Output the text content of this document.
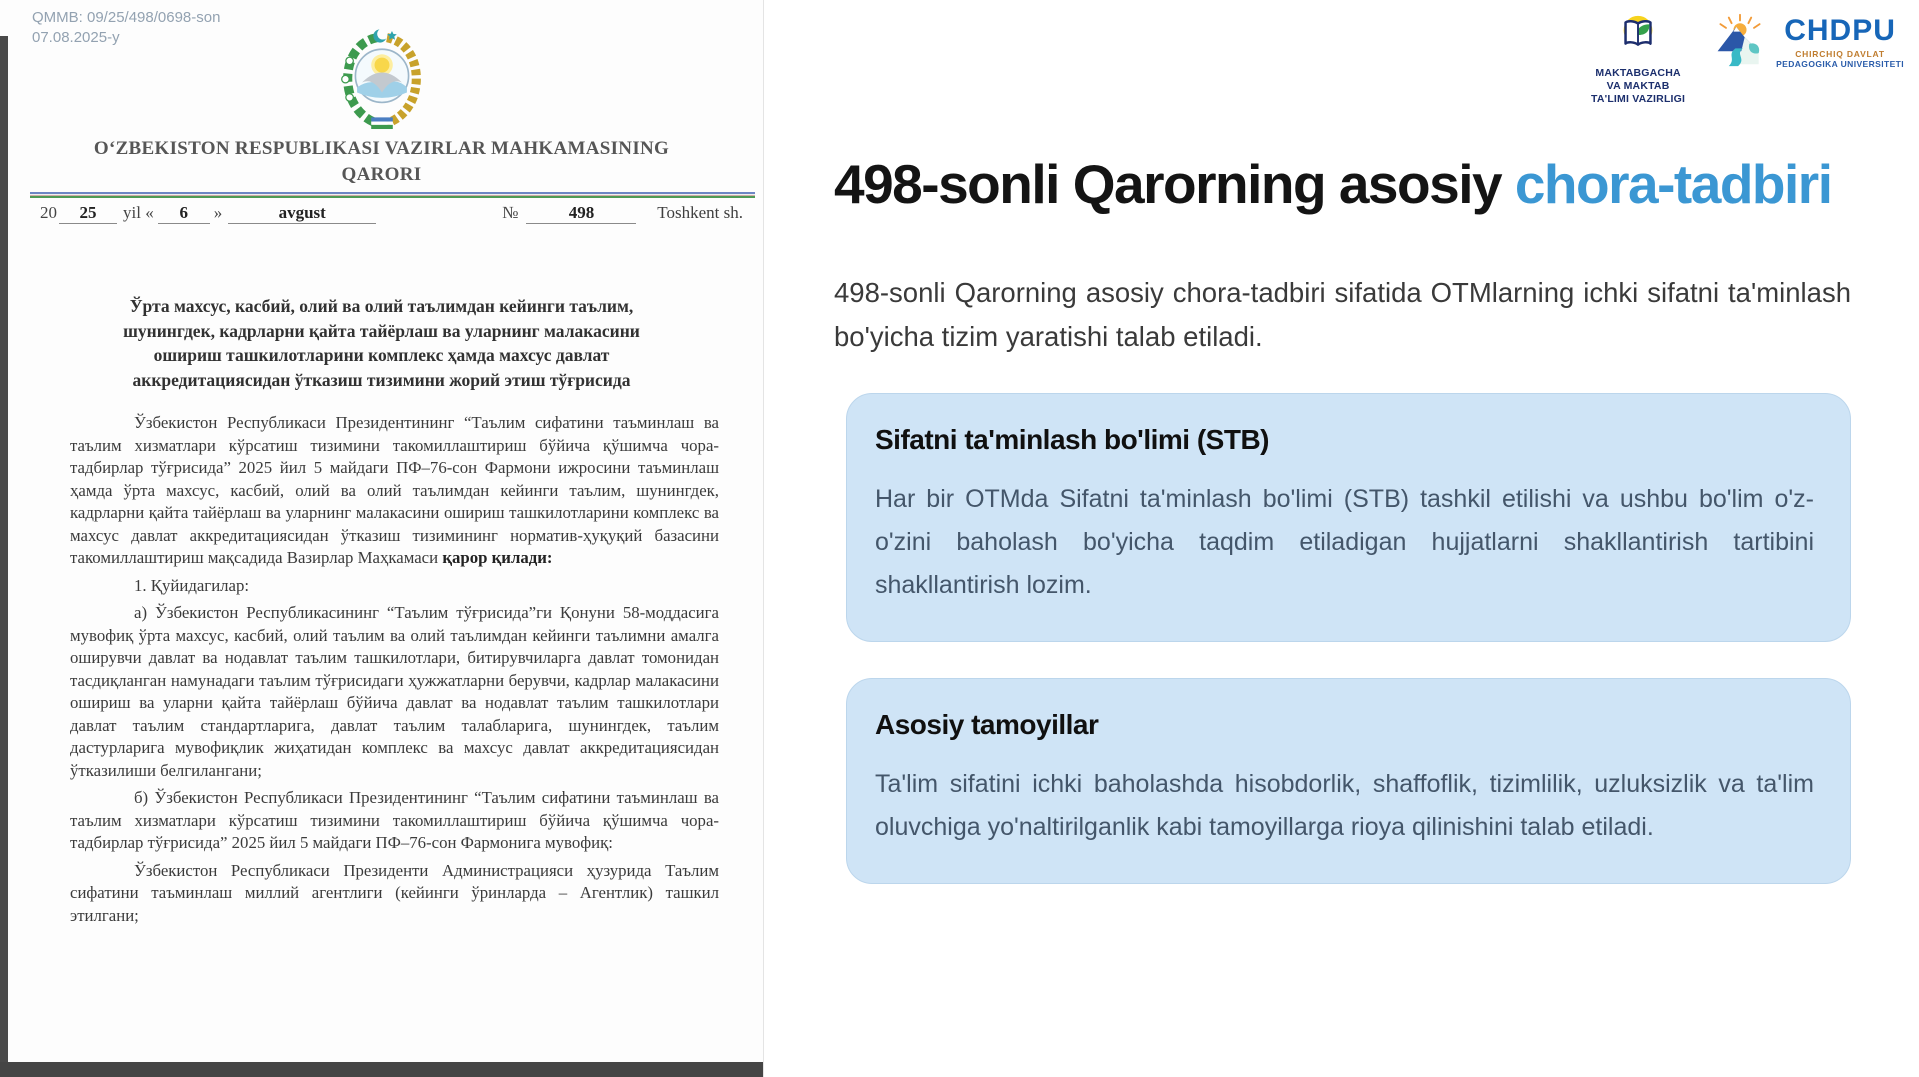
QMMB: 09/25/498/0698-son
07.08.2025-y
O‘ZBEKISTON RESPUBLIKASI VAZIRLAR MAHKAMASINING
QARORI
20	25	yil «	6	»	avgust	№	498	Toshkent sh.

Ўрта махсус, касбий, олий ва олий таълимдан кейинги таълим, шунингдек, кадрларни қайта тайёрлаш ва уларнинг малакасини ошириш ташкилотларини комплекс ҳамда махсус давлат аккредитациясидан ўтказиш тизимини жорий этиш тўғрисида

Ўзбекистон Республикаси Президентининг “Таълим сифатини таъминлаш ва таълим хизматлари кўрсатиш тизимини такомиллаштириш бўйича қўшимча чора-тадбирлар тўғрисида” 2025 йил 5 майдаги ПФ–76-сон Фармони ижросини таъминлаш ҳамда ўрта махсус, касбий, олий ва олий таълимдан кейинги таълим, шунингдек, кадрларни қайта тайёрлаш ва уларнинг малакасини ошириш ташкилотларини комплекс ва махсус давлат аккредитациясидан ўтказиш тизимининг норматив-ҳуқуқий базасини такомиллаштириш мақсадида Вазирлар Маҳкамаси қарор қилади:

1. Қуйидагилар:

а) Ўзбекистон Республикасининг “Таълим тўғрисида”ги Қонуни 58-моддасига мувофиқ ўрта махсус, касбий, олий таълим ва олий таълимдан кейинги таълимни амалга оширувчи давлат ва нодавлат таълим ташкилотлари, битирувчиларга давлат томонидан тасдиқланган намунадаги таълим тўғрисидаги ҳужжатларни берувчи, кадрлар малакасини ошириш ва уларни қайта тайёрлаш бўйича давлат ва нодавлат таълим ташкилотлари давлат таълим стандартларига, давлат таълим талабларига, шунингдек, таълим дастурларига мувофиқлик жиҳатидан комплекс ва махсус давлат аккредитациясидан ўтказилиши белгилангани;

б) Ўзбекистон Республикаси Президентининг “Таълим сифатини таъминлаш ва таълим хизматлари кўрсатиш тизимини такомиллаштириш бўйича қўшимча чора-тадбирлар тўғрисида” 2025 йил 5 майдаги ПФ–76-сон Фармонига мувофиқ:

Ўзбекистон Республикаси Президенти Администрацияси ҳузурида Таълим сифатини таъминлаш миллий агентлиги (кейинги ўринларда – Агентлик) ташкил этилгани;

MAKTABGACHA
VA MAKTAB
TA'LIMI VAZIRLIGI
CHDPU
CHIRCHIQ DAVLAT
PEDAGOGIKA UNIVERSITETI
498-sonli Qarorning asosiy chora-tadbiri

498-sonli Qarorning asosiy chora-tadbiri sifatida OTMlarning ichki sifatni ta'minlash bo'yicha tizim yaratishi talab etiladi.

Sifatni ta'minlash bo'limi (STB)

Har bir OTMda Sifatni ta'minlash bo'limi (STB) tashkil etilishi va ushbu bo'lim o'z-o'zini baholash bo'yicha taqdim etiladigan hujjatlarni shakllantirish tartibini shakllantirish lozim.

Asosiy tamoyillar

Ta'lim sifatini ichki baholashda hisobdorlik, shaffoflik, tizimlilik, uzluksizlik va ta'lim oluvchiga yo'naltirilganlik kabi tamoyillarga rioya qilinishini talab etiladi.
